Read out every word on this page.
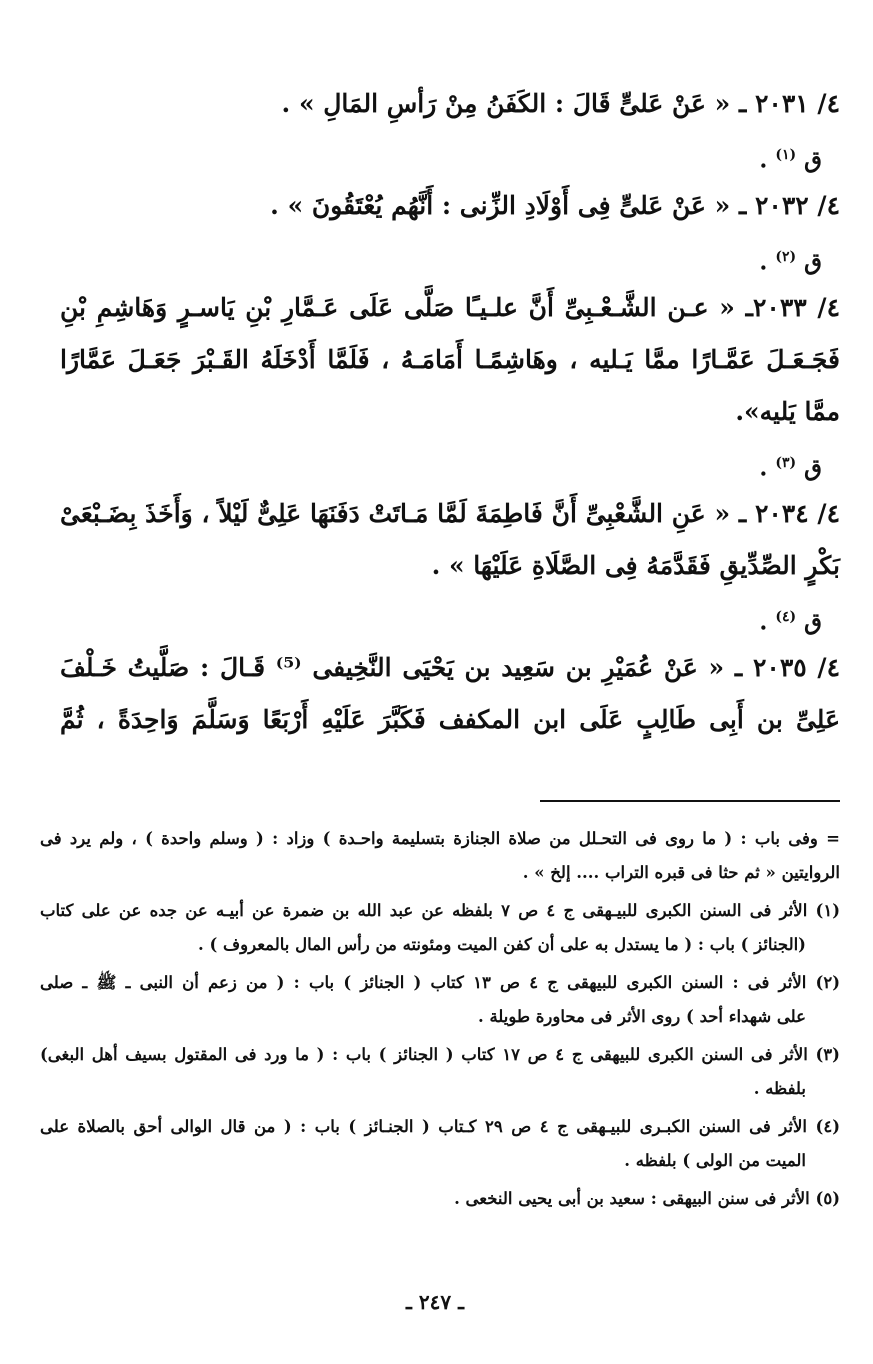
٤/ ٢٠٣١ ـ « عَنْ عَلىٍّ قَالَ : الكَفَنُ مِنْ رَأسِ المَالِ » .
ق $^{(١)}$ .
٤/ ٢٠٣٢ ـ « عَنْ عَلىٍّ فِى أَوْلَادِ الزِّنى : أَنَّهُم يُعْتَقُونَ » .
ق $^{(٢)}$ .
٤/ ٢٠٣٣ـ « عـن الشَّـعْـبِىِّ أَنَّ علـيـًا صَلَّى عَلَى عَـمَّارِ بْنِ يَاسـرٍ وَهَاشِمِ بْنِ
فَجَـعَـلَ عَمَّـارًا ممَّا يَـليه ، وهَاشِمًـا أَمَامَـهُ ، فَلَمَّا أَدْخَلَهُ القَـبْرَ جَعَـلَ عَمَّارًا
ممَّا يَليه».
ق $^{(٣)}$ .
٤/ ٢٠٣٤ ـ « عَنِ الشَّعْبِىِّ أَنَّ فَاطِمَةَ لَمَّا مَـاتَتْ دَفَنَهَا عَلِىٌّ لَيْلاً ، وَأَخَذَ بِضَـبْعَىْ
بَكْرٍ الصِّدِّيقِ فَقَدَّمَهُ فِى الصَّلَاةِ عَلَيْهَا » .
ق $^{(٤)}$ .
٤/ ٢٠٣٥ ـ « عَنْ عُمَيْرِ بن سَعِيد بن يَحْيَى النَّخِيفى ⁽⁵⁾ قَـالَ : صَلَّيتُ خَـلْفَ
عَلِىِّ بن أَبِى طَالِبٍ عَلَى ابن المكفف فَكَبَّرَ عَلَيْهِ أَرْبَعًا وَسَلَّمَ وَاحِدَةً ، ثُمَّ
= وفى باب : ( ما روى فى التحـلل من صلاة الجنازة بتسليمة واحـدة ) وزاد : ( وسلم واحدة ) ، ولم يرد فى
الروايتين « ثم حثا فى قبره التراب .... إلخ » .
(١) الأثر فى السنن الكبرى للبيـهقى ج ٤ ص ٧ بلفظه عن عبد الله بن ضمرة عن أبيـه عن جده عن على كتاب
(الجنائز ) باب : ( ما يستدل به على أن كفن الميت ومئونته من رأس المال بالمعروف ) .
(٢) الأثر فى : السنن الكبرى للبيهقى ج ٤ ص ١٣ كتاب ( الجنائز ) باب : ( من زعم أن النبى ـ ﷺ ـ صلى
على شهداء أحد ) روى الأثر فى محاورة طويلة .
(٣) الأثر فى السنن الكبرى للبيهقى ج ٤ ص ١٧ كتاب ( الجنائز ) باب : ( ما ورد فى المقتول بسيف أهل البغى)
بلفظه .
(٤) الأثر فى السنن الكبـرى للبيـهقى ج ٤ ص ٢٩ كـتاب ( الجنـائز ) باب : ( من قال الوالى أحق بالصلاة على
الميت من الولى ) بلفظه .
(٥) الأثر فى سنن البيهقى : سعيد بن أبى يحيى النخعى .
ـ ٢٤٧ ـ
